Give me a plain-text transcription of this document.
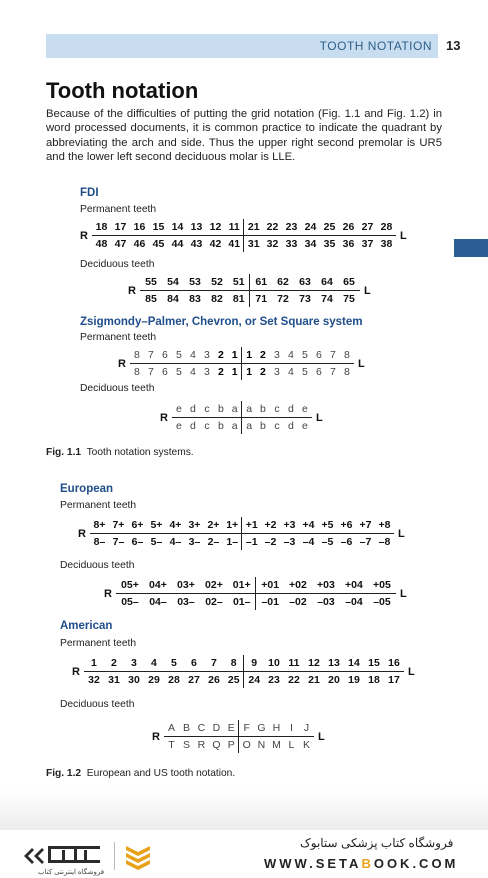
TOOTH NOTATION 13
Tooth notation

Because of the difficulties of putting the grid notation (Fig. 1.1 and Fig. 1.2) in word processed documents, it is common practice to indicate the quadrant by abbreviating the arch and side. Thus the upper right second premolar is UR5 and the lower left second deciduous molar is LLE.

FDI
Permanent teeth
R
18	17	16	15	14	13	12	11	21	22	23	24	25	26	27	28
48	47	46	45	44	43	42	41	31	32	33	34	35	36	37	38
L
Deciduous teeth
R
55	54	53	52	51	61	62	63	64	65
85	84	83	82	81	71	72	73	74	75
L
Zsigmondy–Palmer, Chevron, or Set Square system
Permanent teeth
R
8	7	6	5	4	3	2	1	1	2	3	4	5	6	7	8
8	7	6	5	4	3	2	1	1	2	3	4	5	6	7	8
L
Deciduous teeth
R
e	d	c	b	a	a	b	c	d	e
e	d	c	b	a	a	b	c	d	e
L
Fig. 1.1 Tooth notation systems.
European
Permanent teeth
R
8+	7+	6+	5+	4+	3+	2+	1+	+1	+2	+3	+4	+5	+6	+7	+8
8–	7–	6–	5–	4–	3–	2–	1–	–1	–2	–3	–4	–5	–6	–7	–8
L
Deciduous teeth
R
05+	04+	03+	02+	01+	+01	+02	+03	+04	+05
05–	04–	03–	02–	01–	–01	–02	–03	–04	–05
L
American
Permanent teeth
R
1	2	3	4	5	6	7	8	9	10	11	12	13	14	15	16
32	31	30	29	28	27	26	25	24	23	22	21	20	19	18	17
L
Deciduous teeth
R
A	B	C	D	E	F	G	H	I	J
T	S	R	Q	P	O	N	M	L	K
L
Fig. 1.2 European and US tooth notation.
فروشگاه اینترنتی کتاب
فروشگاه کتاب پزشکی ستابوک
WWW.SETABOOK.COM
